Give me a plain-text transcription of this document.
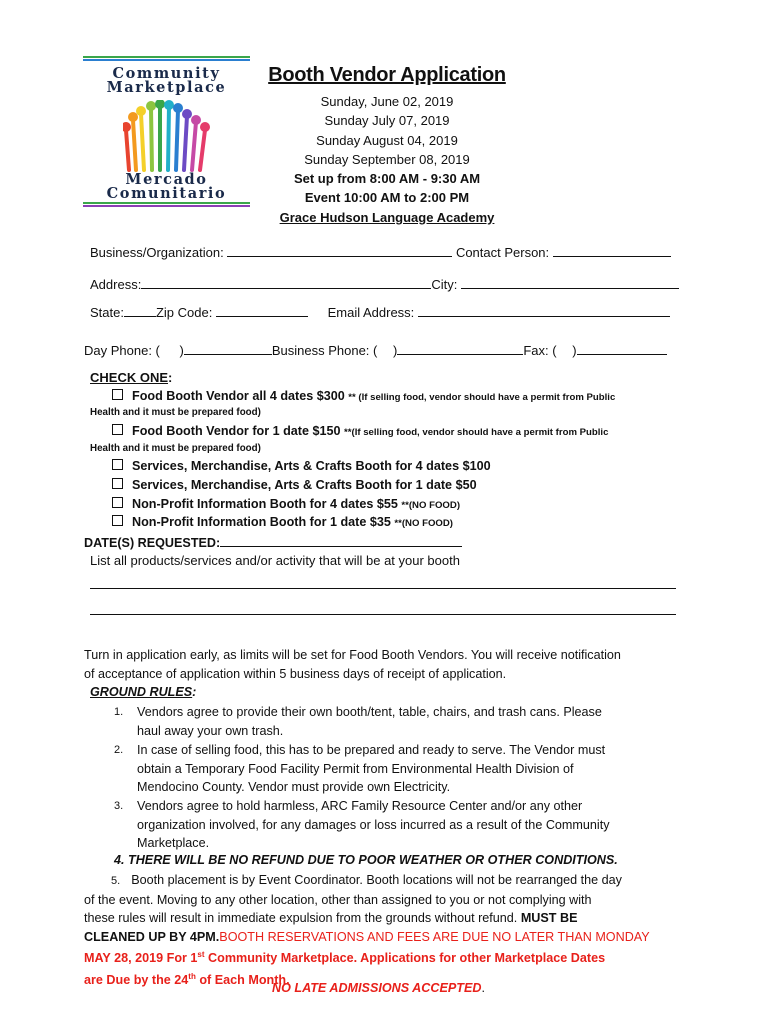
Community
Marketplace
Mercado
Comunitario
Booth Vendor Application
Sunday, June 02, 2019
Sunday July 07, 2019
Sunday August 04, 2019
Sunday September 08, 2019
Set up from 8:00 AM - 9:30 AM
Event 10:00 AM to 2:00 PM
Grace Hudson Language Academy
Business/Organization:	Contact Person:
Address:	City:
State: Zip Code:	Email Address:
Day Phone: ( )	Business Phone: ( )	Fax: ( )
CHECK ONE:
Food Booth Vendor all 4 dates $300 ** (If selling food, vendor should have a permit from Public
Health and it must be prepared food)
Food Booth Vendor for 1 date $150 **(If selling food, vendor should have a permit from Public
Health and it must be prepared food)
Services, Merchandise, Arts & Crafts Booth for 4 dates $100
Services, Merchandise, Arts & Crafts Booth for 1 date $50
Non-Profit Information Booth for 4 dates $55 **(NO FOOD)
Non-Profit Information Booth for 1 date $35 **(NO FOOD)
DATE(S) REQUESTED:
List all products/services and/or activity that will be at your booth
Turn in application early, as limits will be set for Food Booth Vendors. You will receive notification
of acceptance of application within 5 business days of receipt of application.
GROUND RULES:
1. Vendors agree to provide their own booth/tent, table, chairs, and trash cans. Please
haul away your own trash.
2. In case of selling food, this has to be prepared and ready to serve. The Vendor must
obtain a Temporary Food Facility Permit from Environmental Health Division of
Mendocino County. Vendor must provide own Electricity.
3. Vendors agree to hold harmless, ARC Family Resource Center and/or any other
organization involved, for any damages or loss incurred as a result of the Community
Marketplace.
4. THERE WILL BE NO REFUND DUE TO POOR WEATHER OR OTHER CONDITIONS.
5. Booth placement is by Event Coordinator. Booth locations will not be rearranged the day
of the event. Moving to any other location, other than assigned to you or not complying with
these rules will result in immediate expulsion from the grounds without refund. MUST BE
CLEANED UP BY 4PM.BOOTH RESERVATIONS AND FEES ARE DUE NO LATER THAN MONDAY
MAY 28, 2019 For 1st Community Marketplace. Applications for other Marketplace Dates
are Due by the 24th of Each Month.
NO LATE ADMISSIONS ACCEPTED.
